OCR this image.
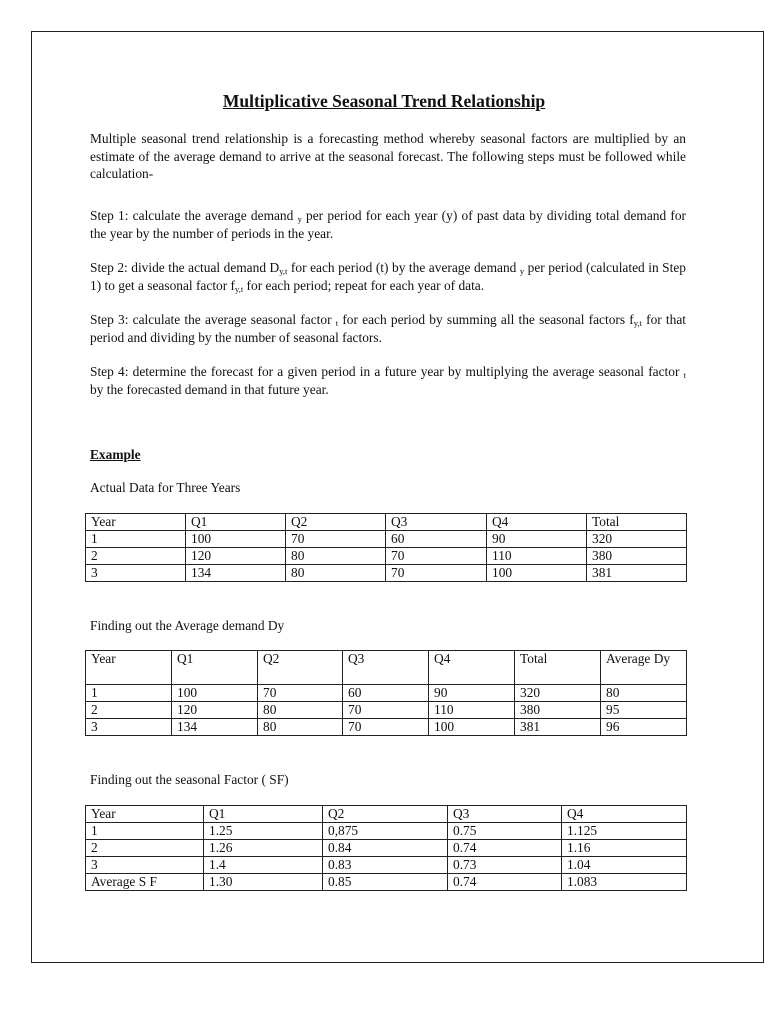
Multiplicative Seasonal Trend Relationship

Multiple seasonal trend relationship is a forecasting method whereby seasonal factors are multiplied by an estimate of the average demand to arrive at the seasonal forecast. The following steps must be followed while calculation-

Step 1: calculate the average demand $_y$ per period for each year (y) of past data by dividing total demand for the year by the number of periods in the year.

Step 2: divide the actual demand $D_{y,t}$ for each period (t) by the average demand $_y$ per period (calculated in Step 1) to get a seasonal factor $f_{y,t}$ for each period; repeat for each year of data.

Step 3: calculate the average seasonal factor $_t$ for each period by summing all the seasonal factors $f_{y,t}$ for that period and dividing by the number of seasonal factors.

Step 4: determine the forecast for a given period in a future year by multiplying the average seasonal factor $_t$ by the forecasted demand in that future year.

Example
Actual Data for Three Years
Year	Q1	Q2	Q3	Q4	Total
1	100	70	60	90	320
2	120	80	70	110	380
3	134	80	70	100	381
Finding out the Average demand Dy
Year	Q1	Q2	Q3	Q4	Total	Average Dy
1	100	70	60	90	320	80
2	120	80	70	110	380	95
3	134	80	70	100	381	96
Finding out the seasonal Factor ( SF)
Year	Q1	Q2	Q3	Q4
1	1.25	0,875	0.75	1.125
2	1.26	0.84	0.74	1.16
3	1.4	0.83	0.73	1.04
Average S F	1.30	0.85	0.74	1.083
